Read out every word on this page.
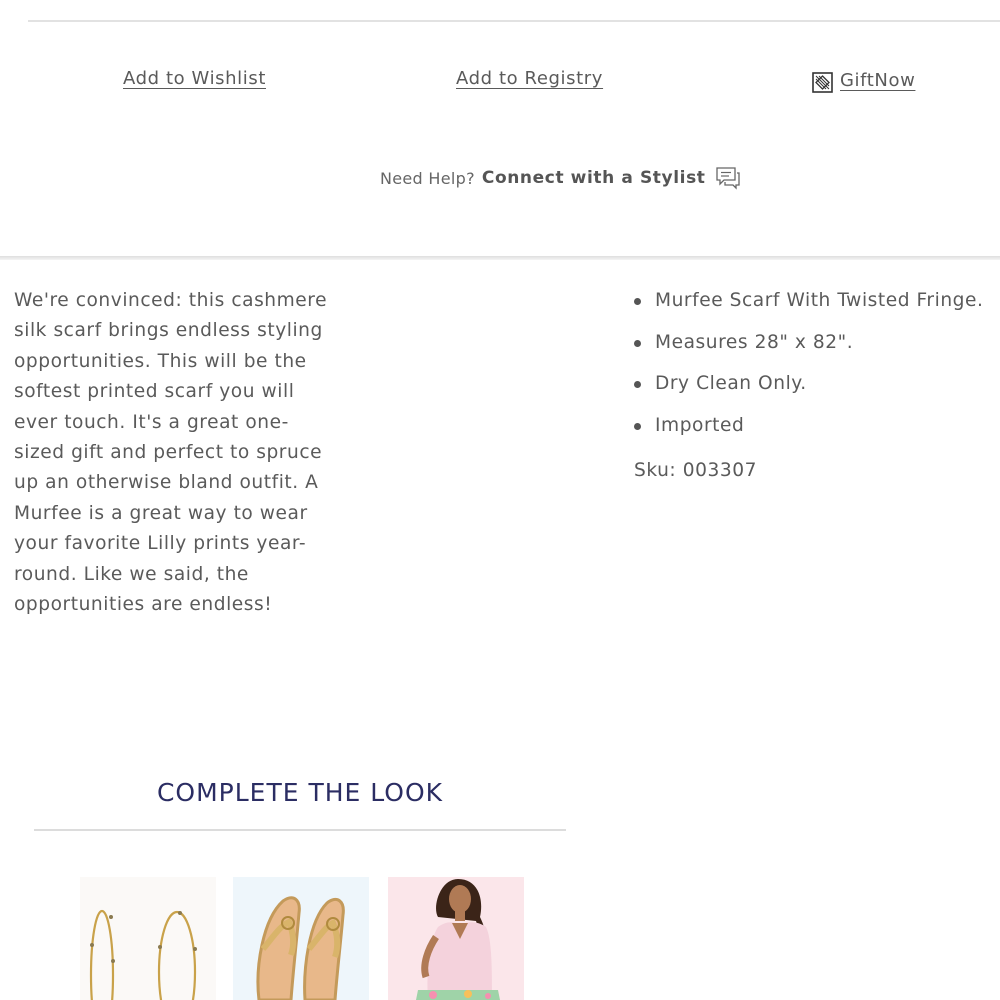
Add to Wishlist	Add to Registry	GiftNow
Need Help? Connect with a Stylist

We're convinced: this cashmere silk scarf brings endless styling opportunities. This will be the softest printed scarf you will ever touch. It's a great one-sized gift and perfect to spruce up an otherwise bland outfit. A Murfee is a great way to wear your favorite Lilly prints year-round. Like we said, the opportunities are endless!

Murfee Scarf With Twisted Fringe.
Measures 28" x 82".
Dry Clean Only.
Imported
Sku: 003307
COMPLETE THE LOOK
